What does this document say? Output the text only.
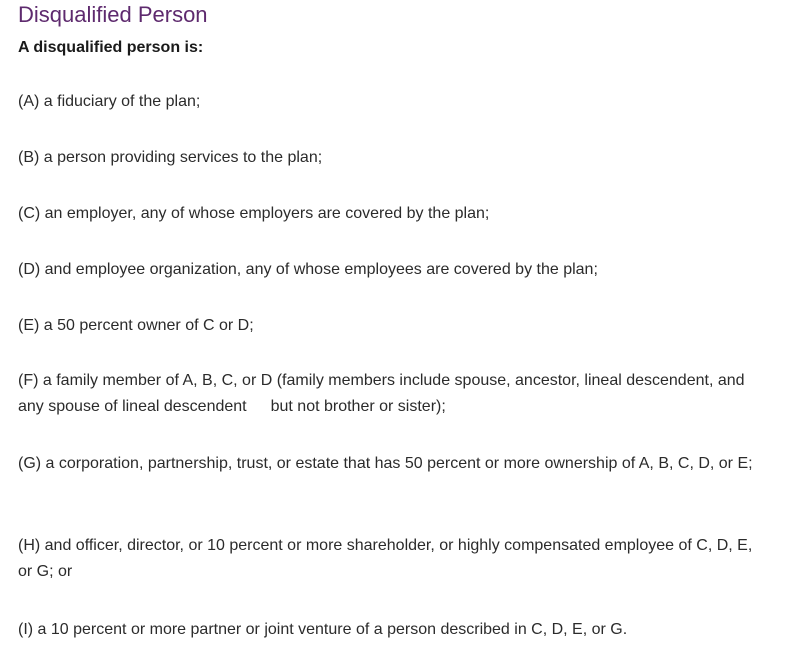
Disqualified Person

A disqualified person is:

(A) a fiduciary of the plan;

(B) a person providing services to the plan;

(C) an employer, any of whose employers are covered by the plan;

(D) and employee organization, any of whose employees are covered by the plan;

(E) a 50 percent owner of C or D;

(F) a family member of A, B, C, or D (family members include spouse, ancestor, lineal descendent, and any spouse of lineal descendent but not brother or sister);

(G) a corporation, partnership, trust, or estate that has 50 percent or more ownership of A, B, C, D, or E;

(H) and officer, director, or 10 percent or more shareholder, or highly compensated employee of C, D, E, or G; or

(I) a 10 percent or more partner or joint venture of a person described in C, D, E, or G.
